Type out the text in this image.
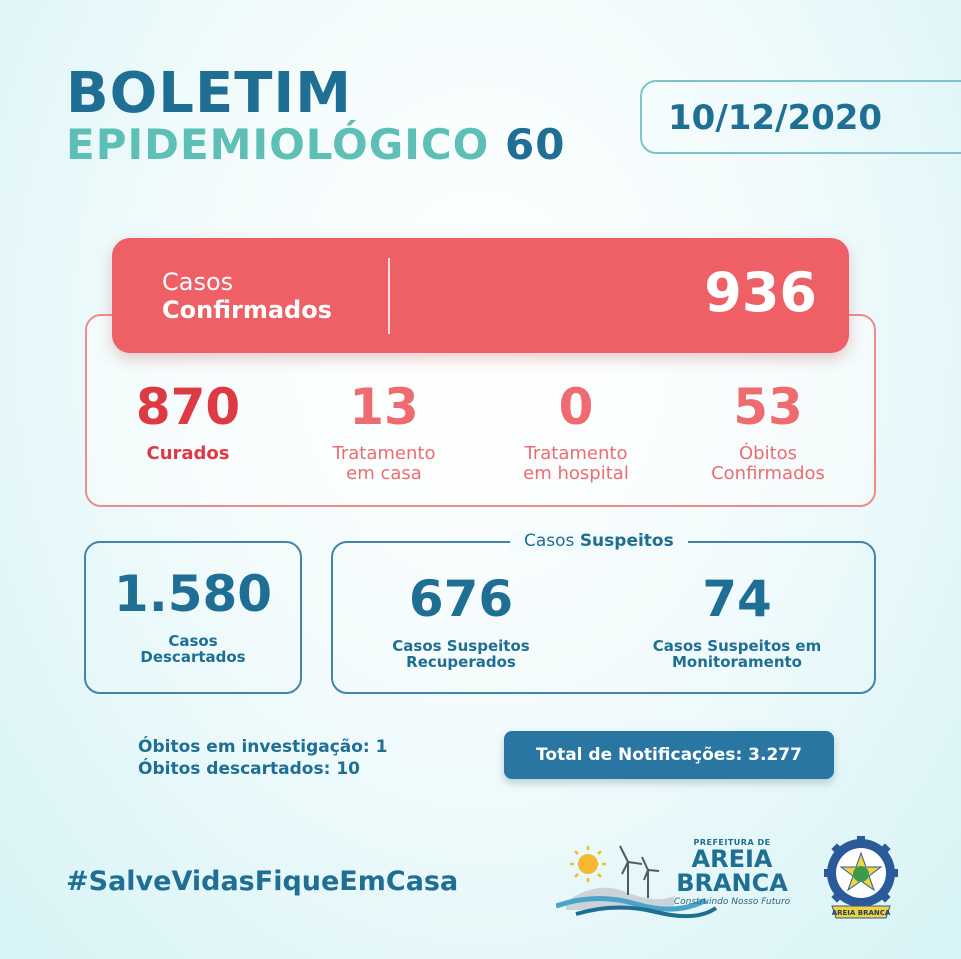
BOLETIM
EPIDEMIOLÓGICO 60
10/12/2020
Casos
Confirmados	936
870
Curados
13
Tratamento
em casa
0
Tratamento
em hospital
53
Óbitos
Confirmados
1.580
Casos
Descartados
Casos Suspeitos
676
Casos Suspeitos
Recuperados
74
Casos Suspeitos em
Monitoramento
Óbitos em investigação: 1
Óbitos descartados: 10
Total de Notificações: 3.277
#SalveVidasFiqueEmCasa
PREFEITURA DE
AREIA
BRANCA
Construindo Nosso Futuro
AREIA BRANCA
